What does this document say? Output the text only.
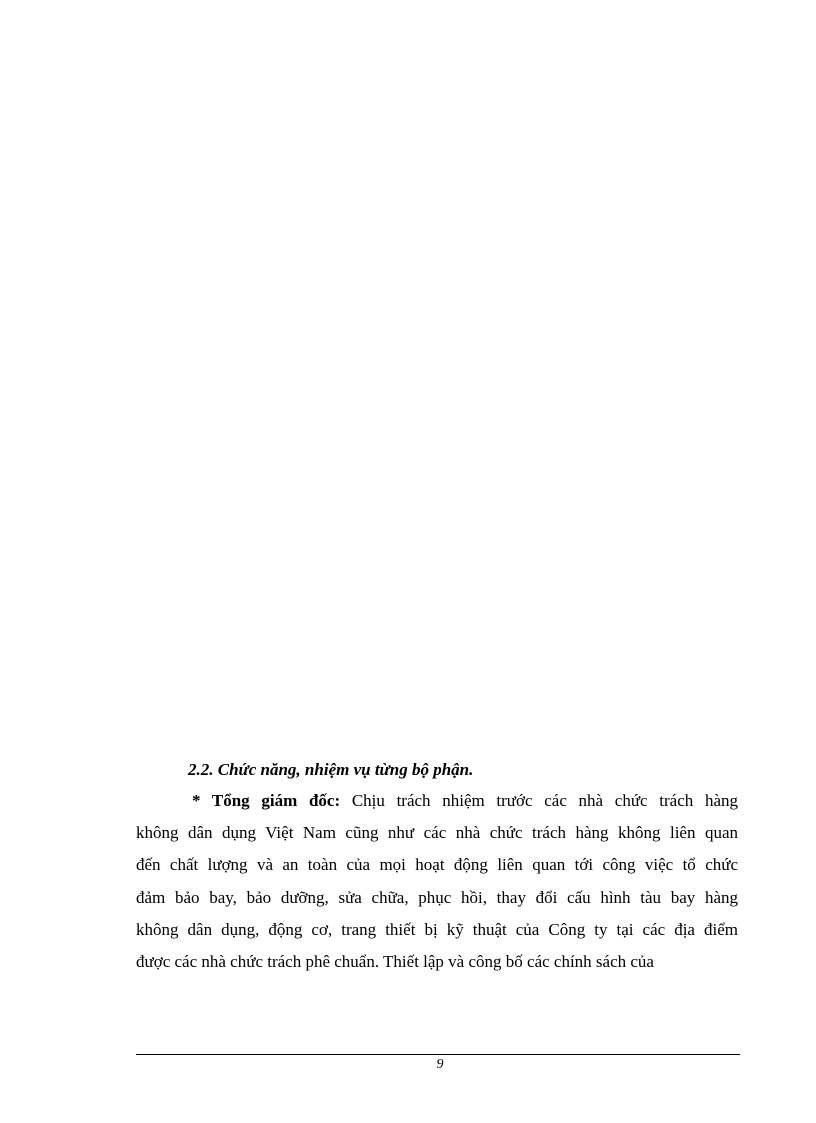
2.2. Chức năng, nhiệm vụ từng bộ phận.
* Tổng giám đốc: Chịu trách nhiệm trước các nhà chức trách hàng
không dân dụng Việt Nam cũng như các nhà chức trách hàng không liên quan
đến chất lượng và an toàn của mọi hoạt động liên quan tới công việc tổ chức
đảm bảo bay, bảo dưỡng, sửa chữa, phục hồi, thay đổi cấu hình tàu bay hàng
không dân dụng, động cơ, trang thiết bị kỹ thuật của Công ty tại các địa điểm
được các nhà chức trách phê chuẩn. Thiết lập và công bố các chính sách của
9
